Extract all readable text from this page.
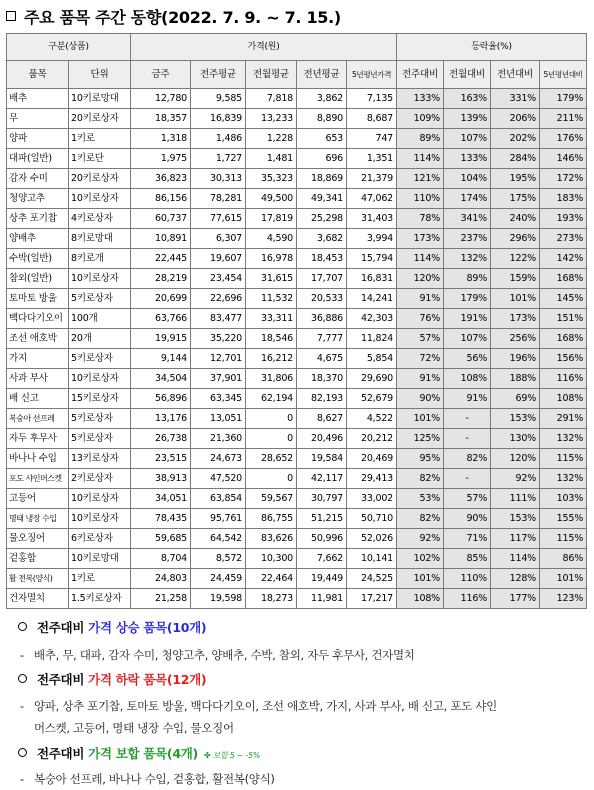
주요 품목 주간 동향(2022. 7. 9. ~ 7. 15.)
구분(상품)		가격(원)					등락율(%)			
품목	단위	금주	전주평균	전월평균	전년평균	5년평년가격	전주대비	전월대비	전년대비	5년평년대비
배추	10키로망대	12,780	9,585	7,818	3,862	7,135	133%	163%	331%	179%
무	20키로상자	18,357	16,839	13,233	8,890	8,687	109%	139%	206%	211%
양파	1키로	1,318	1,486	1,228	653	747	89%	107%	202%	176%
대파(일반)	1키로단	1,975	1,727	1,481	696	1,351	114%	133%	284%	146%
감자 수미	20키로상자	36,823	30,313	35,323	18,869	21,379	121%	104%	195%	172%
청양고추	10키로상자	86,156	78,281	49,500	49,341	47,062	110%	174%	175%	183%
상추 포기찹	4키로상자	60,737	77,615	17,819	25,298	31,403	78%	341%	240%	193%
양배추	8키로망대	10,891	6,307	4,590	3,682	3,994	173%	237%	296%	273%
수박(일반)	8키로개	22,445	19,607	16,978	18,453	15,794	114%	132%	122%	142%
참외(일반)	10키로상자	28,219	23,454	31,615	17,707	16,831	120%	89%	159%	168%
토마토 방울	5키로상자	20,699	22,696	11,532	20,533	14,241	91%	179%	101%	145%
백다다기오이	100개	63,766	83,477	33,311	36,886	42,303	76%	191%	173%	151%
조선 애호박	20개	19,915	35,220	18,546	7,777	11,824	57%	107%	256%	168%
가지	5키로상자	9,144	12,701	16,212	4,675	5,854	72%	56%	196%	156%
사과 부사	10키로상자	34,504	37,901	31,806	18,370	29,690	91%	108%	188%	116%
배 신고	15키로상자	56,896	63,345	62,194	82,193	52,679	90%	91%	69%	108%
복숭아 선프레	5키로상자	13,176	13,051	0	8,627	4,522	101%	-	153%	291%
자두 후무사	5키로상자	26,738	21,360	0	20,496	20,212	125%	-	130%	132%
바나나 수입	13키로상자	23,515	24,673	28,652	19,584	20,469	95%	82%	120%	115%
포도 샤인머스켓	2키로상자	38,913	47,520	0	42,117	29,413	82%	-	92%	132%
고등어	10키로상자	34,051	63,854	59,567	30,797	33,002	53%	57%	111%	103%
명태 냉장 수입	10키로상자	78,435	95,761	86,755	51,215	50,710	82%	90%	153%	155%
물오징어	6키로상자	59,685	64,542	83,626	50,996	52,026	92%	71%	117%	115%
겉홍합	10키로망대	8,704	8,572	10,300	7,662	10,141	102%	85%	114%	86%
활 전복(양식)	1키로	24,803	24,459	22,464	19,449	24,525	101%	110%	128%	101%
건자멸치	1.5키로상자	21,258	19,598	18,273	11,981	17,217	108%	116%	177%	123%
전주대비 가격 상승 품목(10개)
- 배추, 무, 대파, 감자 수미, 청양고추, 양배추, 수박, 참외, 자두 후무사, 건자멸치
전주대비 가격 하락 품목(12개)
- 양파, 상추 포기찹, 토마토 방울, 백다다기오이, 조선 애호박, 가지, 사과 부사, 배 신고, 포도 샤인
머스켓, 고등어, 명태 냉장 수입, 물오징어
전주대비 가격 보합 품목(4개) ✤ 보합 5 ~ -5%
- 복숭아 선프레, 바나나 수입, 겉홍합, 활전복(양식)
